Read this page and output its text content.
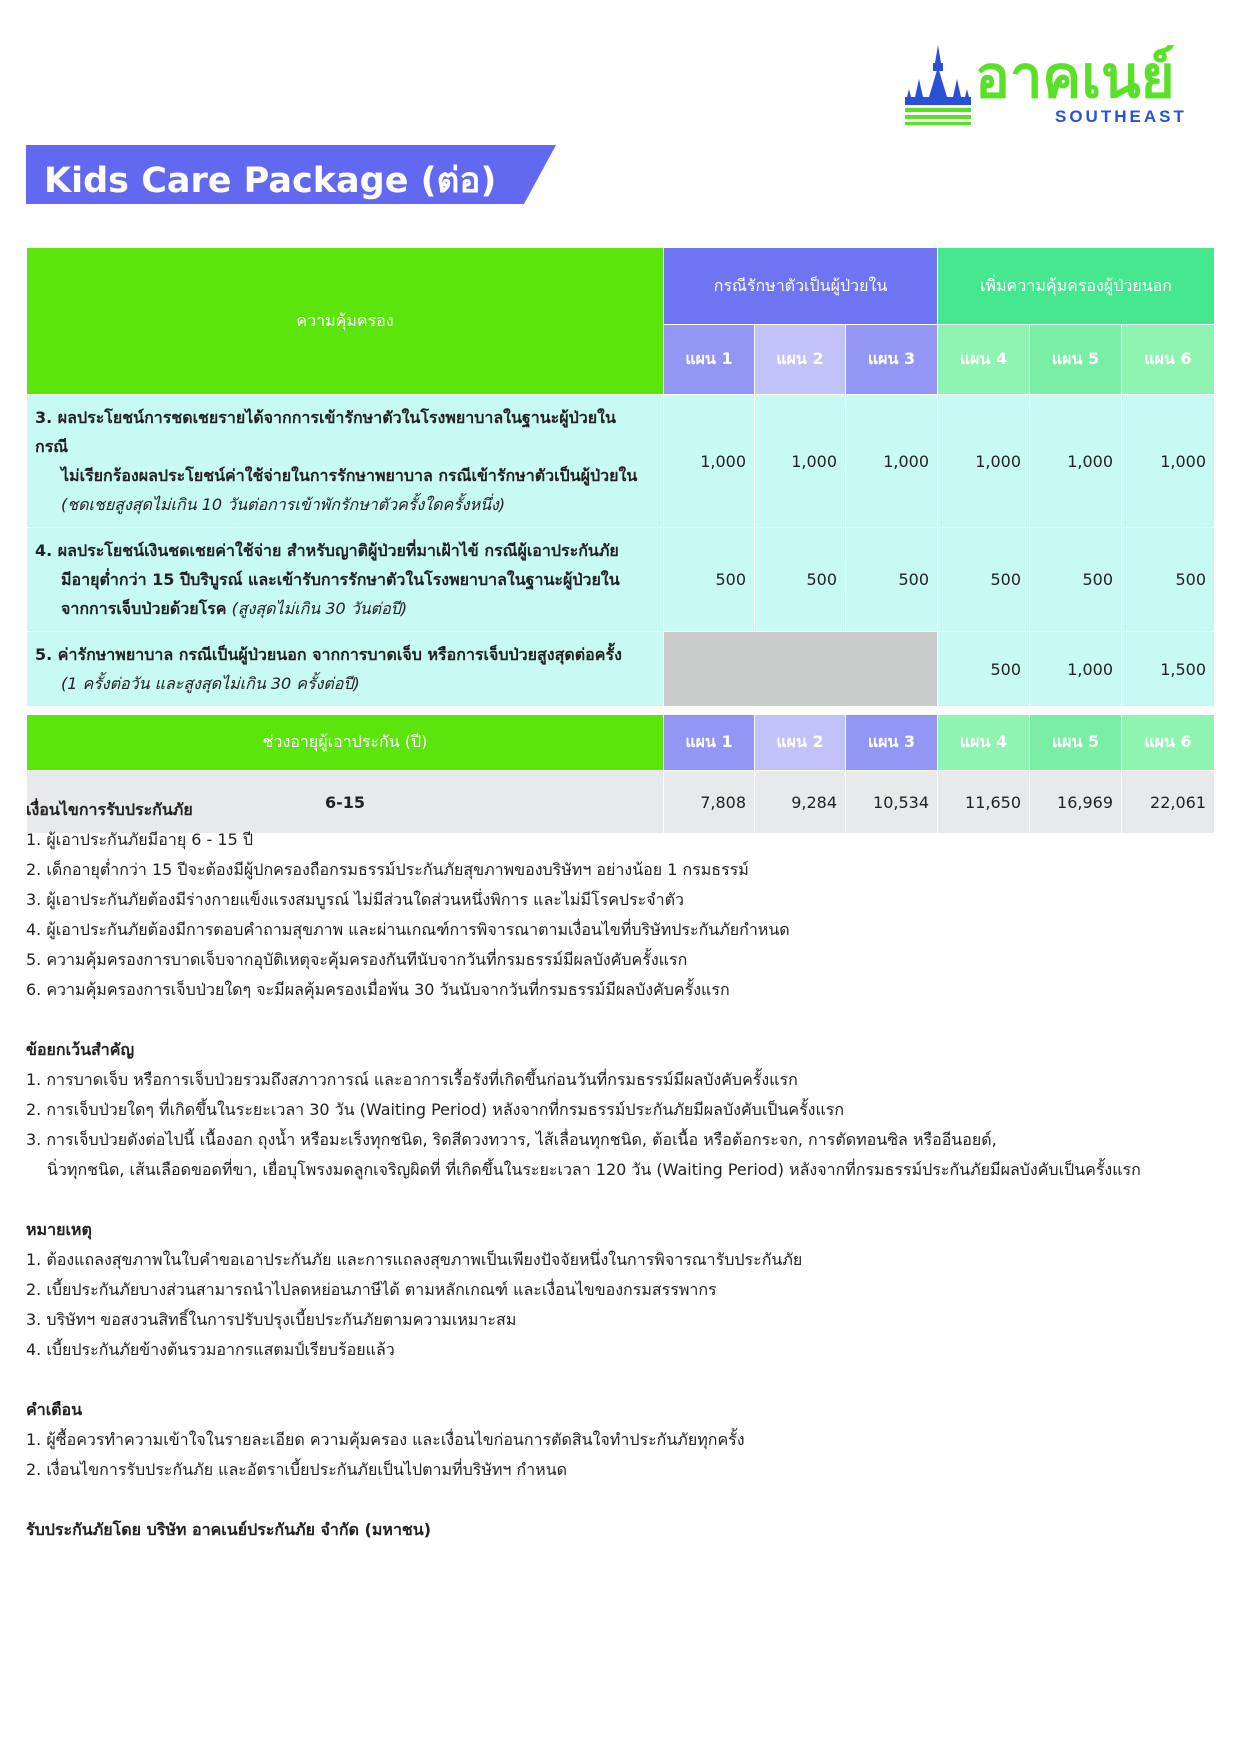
อาคเนย์
SOUTHEAST
Kids Care Package (ต่อ)
ความคุ้มครอง	กรณีรักษาตัวเป็นผู้ป่วยใน			เพิ่มความคุ้มครองผู้ป่วยนอก		
	แผน 1	แผน 2	แผน 3	แผน 4	แผน 5	แผน 6

3. ผลประโยชน์การชดเชยรายได้จากการเข้ารักษาตัวในโรงพยาบาลในฐานะผู้ป่วยใน กรณี
ไม่เรียกร้องผลประโยชน์ค่าใช้จ่ายในการรักษาพยาบาล กรณีเข้ารักษาตัวเป็นผู้ป่วยใน
(ชดเชยสูงสุดไม่เกิน 10 วันต่อการเข้าพักรักษาตัวครั้งใดครั้งหนึ่ง)	1,000	1,000	1,000	1,000	1,000	1,000

4. ผลประโยชน์เงินชดเชยค่าใช้จ่าย สำหรับญาติผู้ป่วยที่มาเฝ้าไข้ กรณีผู้เอาประกันภัย
มีอายุต่ำกว่า 15 ปีบริบูรณ์ และเข้ารับการรักษาตัวในโรงพยาบาลในฐานะผู้ป่วยใน
จากการเจ็บป่วยด้วยโรค (สูงสุดไม่เกิน 30 วันต่อปี)	500	500	500	500	500	500

5. ค่ารักษาพยาบาล กรณีเป็นผู้ป่วยนอก จากการบาดเจ็บ หรือการเจ็บป่วยสูงสุดต่อครั้ง
(1 ครั้งต่อวัน และสูงสุดไม่เกิน 30 ครั้งต่อปี)				500	1,000	1,500

ช่วงอายุผู้เอาประกัน (ปี)	แผน 1	แผน 2	แผน 3	แผน 4	แผน 5	แผน 6
6-15	7,808	9,284	10,534	11,650	16,969	22,061
เงื่อนไขการรับประกันภัย
1. ผู้เอาประกันภัยมีอายุ 6 - 15 ปี
2. เด็กอายุต่ำกว่า 15 ปีจะต้องมีผู้ปกครองถือกรมธรรม์ประกันภัยสุขภาพของบริษัทฯ อย่างน้อย 1 กรมธรรม์
3. ผู้เอาประกันภัยต้องมีร่างกายแข็งแรงสมบูรณ์ ไม่มีส่วนใดส่วนหนึ่งพิการ และไม่มีโรคประจำตัว
4. ผู้เอาประกันภัยต้องมีการตอบคำถามสุขภาพ และผ่านเกณฑ์การพิจารณาตามเงื่อนไขที่บริษัทประกันภัยกำหนด
5. ความคุ้มครองการบาดเจ็บจากอุบัติเหตุจะคุ้มครองกันทีนับจากวันที่กรมธรรม์มีผลบังคับครั้งแรก
6. ความคุ้มครองการเจ็บป่วยใดๆ จะมีผลคุ้มครองเมื่อพ้น 30 วันนับจากวันที่กรมธรรม์มีผลบังคับครั้งแรก
ข้อยกเว้นสำคัญ
1. การบาดเจ็บ หรือการเจ็บป่วยรวมถึงสภาวการณ์ และอาการเรื้อรังที่เกิดขึ้นก่อนวันที่กรมธรรม์มีผลบังคับครั้งแรก
2. การเจ็บป่วยใดๆ ที่เกิดขึ้นในระยะเวลา 30 วัน (Waiting Period) หลังจากที่กรมธรรม์ประกันภัยมีผลบังคับเป็นครั้งแรก
3. การเจ็บป่วยดังต่อไปนี้ เนื้องอก ถุงน้ำ หรือมะเร็งทุกชนิด, ริดสีดวงทวาร, ไส้เลื่อนทุกชนิด, ต้อเนื้อ หรือต้อกระจก, การตัดทอนซิล หรืออีนอยด์,
นิ่วทุกชนิด, เส้นเลือดขอดที่ขา, เยื่อบุโพรงมดลูกเจริญผิดที่ ที่เกิดขึ้นในระยะเวลา 120 วัน (Waiting Period) หลังจากที่กรมธรรม์ประกันภัยมีผลบังคับเป็นครั้งแรก
หมายเหตุ
1. ต้องแถลงสุขภาพในใบคำขอเอาประกันภัย และการแถลงสุขภาพเป็นเพียงปัจจัยหนึ่งในการพิจารณารับประกันภัย
2. เบี้ยประกันภัยบางส่วนสามารถนำไปลดหย่อนภาษีได้ ตามหลักเกณฑ์ และเงื่อนไขของกรมสรรพากร
3. บริษัทฯ ขอสงวนสิทธิ์ในการปรับปรุงเบี้ยประกันภัยตามความเหมาะสม
4. เบี้ยประกันภัยข้างต้นรวมอากรแสตมป์เรียบร้อยแล้ว
คำเตือน
1. ผู้ซื้อควรทำความเข้าใจในรายละเอียด ความคุ้มครอง และเงื่อนไขก่อนการตัดสินใจทำประกันภัยทุกครั้ง
2. เงื่อนไขการรับประกันภัย และอัตราเบี้ยประกันภัยเป็นไปตามที่บริษัทฯ กำหนด
รับประกันภัยโดย บริษัท อาคเนย์ประกันภัย จำกัด (มหาชน)
